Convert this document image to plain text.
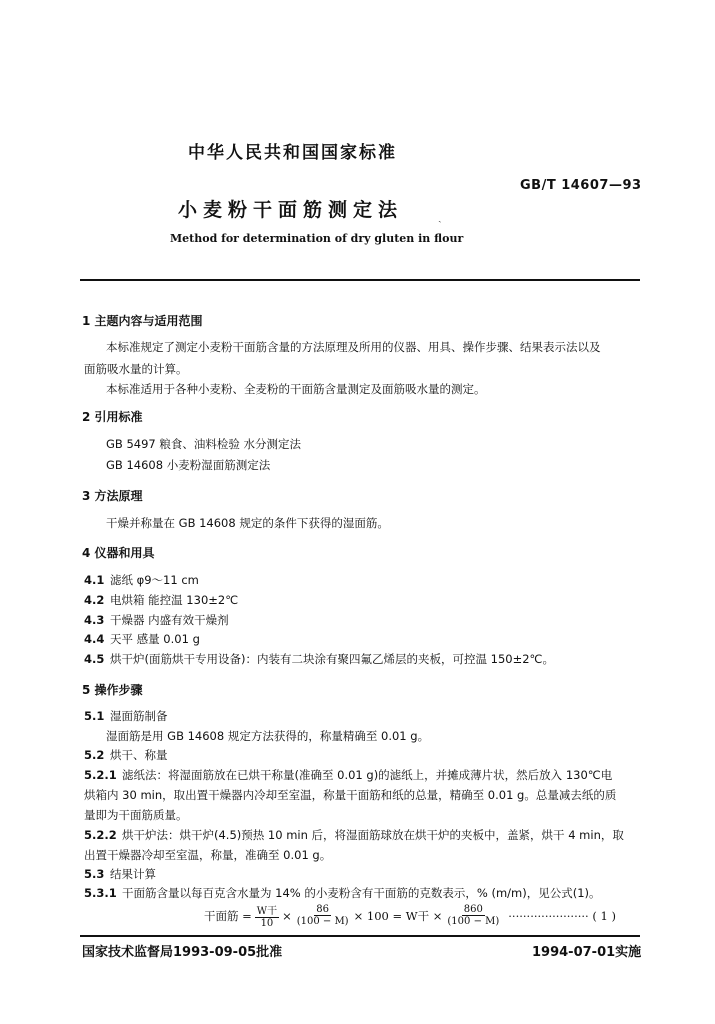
中华人民共和国国家标准
GB/T 14607—93
小麦粉干面筋测定法	ˎ
Method for determination of dry gluten in flour
1 主题内容与适用范围
本标准规定了测定小麦粉干面筋含量的方法原理及所用的仪器、用具、操作步骤、结果表示法以及
面筋吸水量的计算。
本标准适用于各种小麦粉、全麦粉的干面筋含量测定及面筋吸水量的测定。
2 引用标准
GB 5497 粮食、油料检验 水分测定法
GB 14608 小麦粉湿面筋测定法
3 方法原理
干燥并称量在 GB 14608 规定的条件下获得的湿面筋。
4 仪器和用具
4.1 滤纸 φ9～11 cm
4.2 电烘箱 能控温 130±2℃
4.3 干燥器 内盛有效干燥剂
4.4 天平 感量 0.01 g
4.5 烘干炉(面筋烘干专用设备)：内装有二块涂有聚四氟乙烯层的夹板，可控温 150±2℃。
5 操作步骤
5.1 湿面筋制备
湿面筋是用 GB 14608 规定方法获得的，称量精确至 0.01 g。
5.2 烘干、称量
5.2.1 滤纸法：将湿面筋放在已烘干称量(准确至 0.01 g)的滤纸上，并摊成薄片状，然后放入 130℃电
烘箱内 30 min，取出置干燥器内冷却至室温，称量干面筋和纸的总量，精确至 0.01 g。总量减去纸的质
量即为干面筋质量。
5.2.2 烘干炉法：烘干炉(4.5)预热 10 min 后，将湿面筋球放在烘干炉的夹板中，盖紧，烘干 4 min，取
出置干燥器冷却至室温，称量，准确至 0.01 g。
5.3 结果计算
5.3.1 干面筋含量以每百克含水量为 14% 的小麦粉含有干面筋的克数表示，% (m/m)，见公式(1)。
干面筋 = $\frac{\text{W干}}{10} \times \frac{86}{(100 - M)} \times 100 = W$干 × $\frac{860}{(100 - M)}$ ······················ ( 1 )
国家技术监督局1993-09-05批准	1994-07-01实施
